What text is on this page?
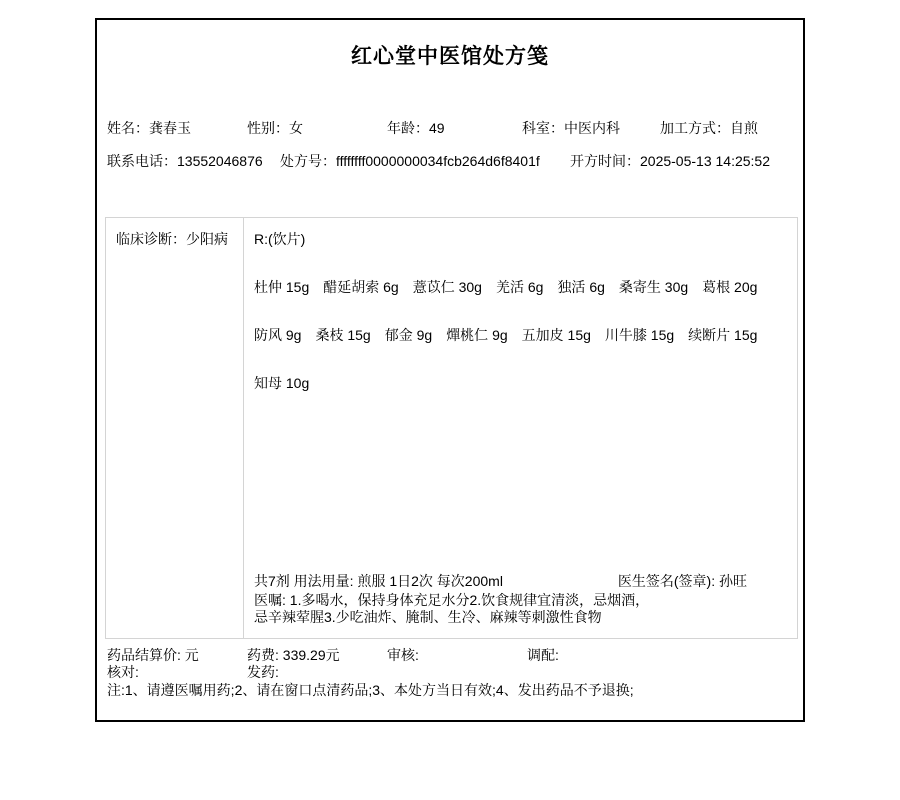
红心堂中医馆处方笺
姓名：龚春玉	性别：女	年龄：49	科室：中医内科	加工方式：自煎
联系电话：13552046876 处方号：ffffffff0000000034fcb264d6f8401f 开方时间：2025-05-13 14:25:52
临床诊断：少阳病	R:(饮片)
杜仲 15g 醋延胡索 6g 薏苡仁 30g 羌活 6g 独活 6g 桑寄生 30g 葛根 20g
防风 9g 桑枝 15g 郁金 9g 燀桃仁 9g 五加皮 15g 川牛膝 15g 续断片 15g
知母 10g
共7剂 用法用量: 煎服 1日2次 每次200ml	医生签名(签章): 孙旺
医嘱: 1.多喝水，保持身体充足水分2.饮食规律宜清淡，忌烟酒，
忌辛辣荤腥3.少吃油炸、腌制、生冷、麻辣等刺激性食物
药品结算价: 元	药费: 339.29元	审核:	调配:
核对:	发药:
注:1、请遵医嘱用药;2、请在窗口点清药品;3、本处方当日有效;4、发出药品不予退换;
